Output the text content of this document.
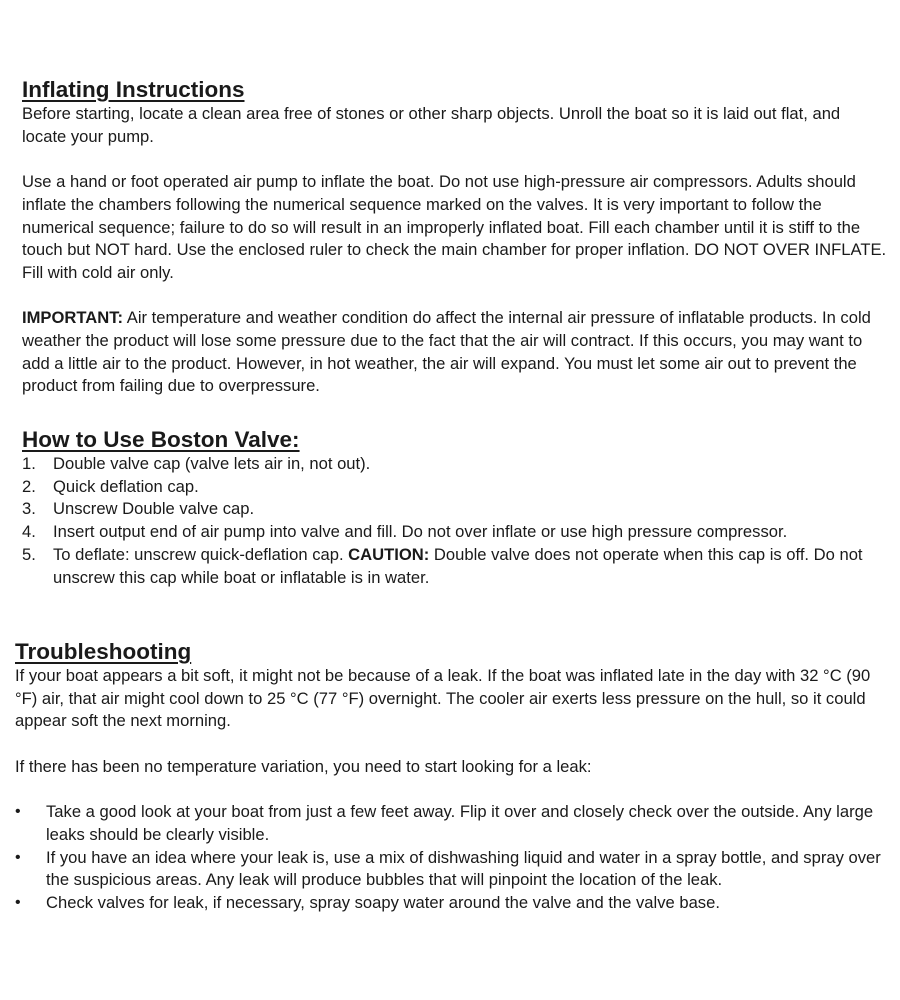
Inflating Instructions

Before starting, locate a clean area free of stones or other sharp objects. Unroll the boat so it is laid out flat, and locate your pump.

Use a hand or foot operated air pump to inflate the boat. Do not use high-pressure air compressors. Adults should inflate the chambers following the numerical sequence marked on the valves. It is very important to follow the numerical sequence; failure to do so will result in an improperly inflated boat. Fill each chamber until it is stiff to the touch but NOT hard. Use the enclosed ruler to check the main chamber for proper inflation. DO NOT OVER INFLATE. Fill with cold air only.

IMPORTANT: Air temperature and weather condition do affect the internal air pressure of inflatable products. In cold weather the product will lose some pressure due to the fact that the air will contract. If this occurs, you may want to add a little air to the product. However, in hot weather, the air will expand. You must let some air out to prevent the product from failing due to overpressure.

How to Use Boston Valve:
1. Double valve cap (valve lets air in, not out).
2. Quick deflation cap.
3. Unscrew Double valve cap.
4. Insert output end of air pump into valve and fill. Do not over inflate or use high pressure compressor.
5. To deflate: unscrew quick-deflation cap. CAUTION: Double valve does not operate when this cap is off. Do not unscrew this cap while boat or inflatable is in water.
Troubleshooting

If your boat appears a bit soft, it might not be because of a leak. If the boat was inflated late in the day with 32 °C (90 °F) air, that air might cool down to 25 °C (77 °F) overnight. The cooler air exerts less pressure on the hull, so it could appear soft the next morning.

If there has been no temperature variation, you need to start looking for a leak:

• Take a good look at your boat from just a few feet away. Flip it over and closely check over the outside. Any large leaks should be clearly visible.
• If you have an idea where your leak is, use a mix of dishwashing liquid and water in a spray bottle, and spray over the suspicious areas. Any leak will produce bubbles that will pinpoint the location of the leak.
• Check valves for leak, if necessary, spray soapy water around the valve and the valve base.
